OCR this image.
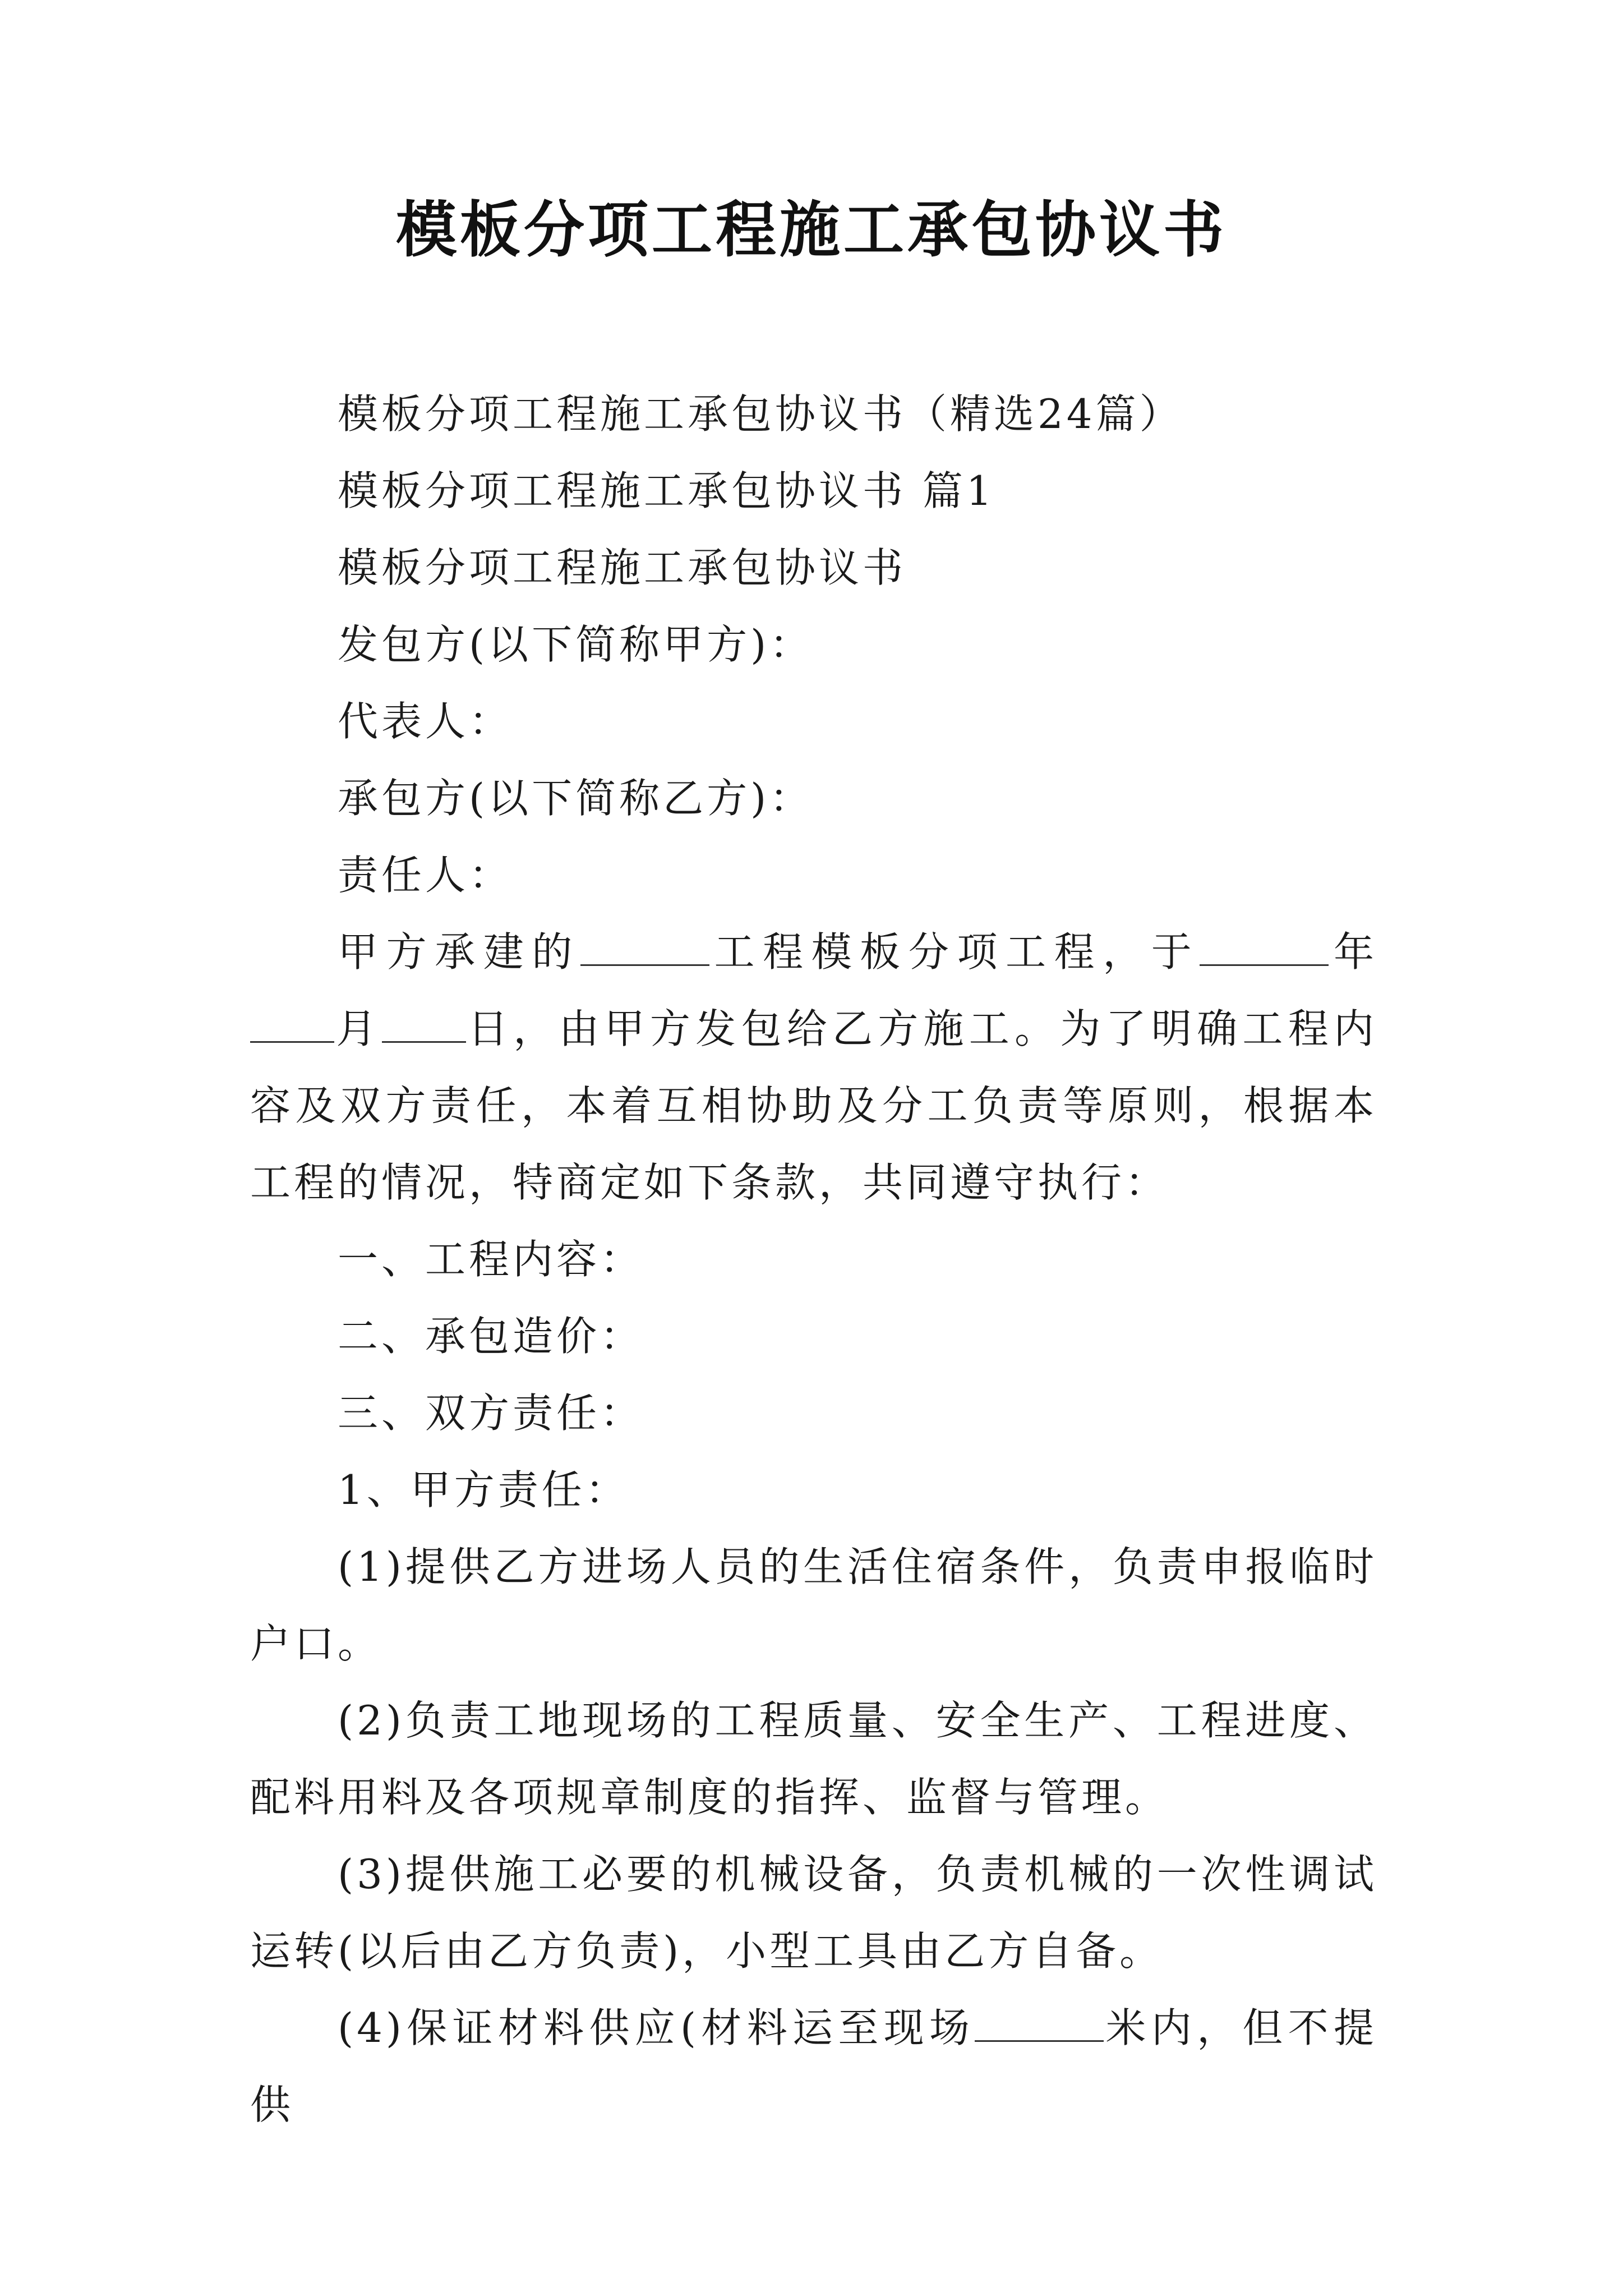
模板分项工程施工承包协议书

模板分项工程施工承包协议书（精选24篇）

模板分项工程施工承包协议书 篇1

模板分项工程施工承包协议书

发包方(以下简称甲方)：

代表人：

承包方(以下简称乙方)：

责任人：

甲方承建的	工程模板分项工程，于	年月 日，由甲方发包给乙方施工。为了明确工程内容及双方责任，本着互相协助及分工负责等原则，根据本工程的情况，特商定如下条款，共同遵守执行：

一、工程内容：

二、承包造价：

三、双方责任：

1、甲方责任：

(1)提供乙方进场人员的生活住宿条件，负责申报临时户口。

(2)负责工地现场的工程质量、安全生产、工程进度、配料用料及各项规章制度的指挥、监督与管理。

(3)提供施工必要的机械设备，负责机械的一次性调试运转(以后由乙方负责)，小型工具由乙方自备。

(4)保证材料供应(材料运至现场	米内，但不提供
